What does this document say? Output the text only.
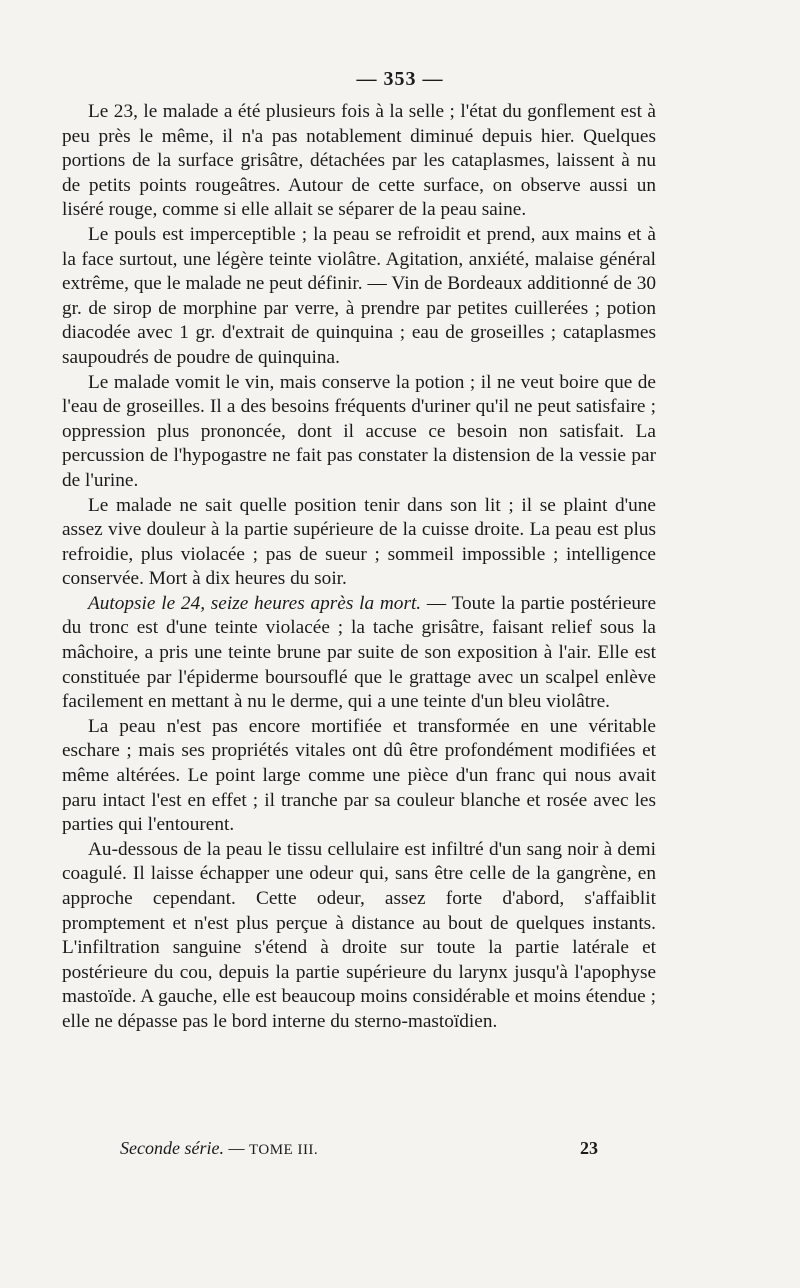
— 353 —

Le 23, le malade a été plusieurs fois à la selle ; l'état du gonflement est à peu près le même, il n'a pas notablement diminué depuis hier. Quelques portions de la surface grisâtre, détachées par les cataplasmes, laissent à nu de petits points rougeâtres. Autour de cette surface, on observe aussi un liséré rouge, comme si elle allait se séparer de la peau saine.

Le pouls est imperceptible ; la peau se refroidit et prend, aux mains et à la face surtout, une légère teinte violâtre. Agitation, anxiété, malaise général extrême, que le malade ne peut définir. — Vin de Bordeaux additionné de 30 gr. de sirop de morphine par verre, à prendre par petites cuillerées ; potion diacodée avec 1 gr. d'extrait de quinquina ; eau de groseilles ; cataplasmes saupoudrés de poudre de quinquina.

Le malade vomit le vin, mais conserve la potion ; il ne veut boire que de l'eau de groseilles. Il a des besoins fréquents d'uriner qu'il ne peut satisfaire ; oppression plus prononcée, dont il accuse ce besoin non satisfait. La percussion de l'hypogastre ne fait pas constater la distension de la vessie par de l'urine.

Le malade ne sait quelle position tenir dans son lit ; il se plaint d'une assez vive douleur à la partie supérieure de la cuisse droite. La peau est plus refroidie, plus violacée ; pas de sueur ; sommeil impossible ; intelligence conservée. Mort à dix heures du soir.

Autopsie le 24, seize heures après la mort. — Toute la partie postérieure du tronc est d'une teinte violacée ; la tache grisâtre, faisant relief sous la mâchoire, a pris une teinte brune par suite de son exposition à l'air. Elle est constituée par l'épiderme boursouflé que le grattage avec un scalpel enlève facilement en mettant à nu le derme, qui a une teinte d'un bleu violâtre.

La peau n'est pas encore mortifiée et transformée en une véritable eschare ; mais ses propriétés vitales ont dû être profondément modifiées et même altérées. Le point large comme une pièce d'un franc qui nous avait paru intact l'est en effet ; il tranche par sa couleur blanche et rosée avec les parties qui l'entourent.

Au-dessous de la peau le tissu cellulaire est infiltré d'un sang noir à demi coagulé. Il laisse échapper une odeur qui, sans être celle de la gangrène, en approche cependant. Cette odeur, assez forte d'abord, s'affaiblit promptement et n'est plus perçue à distance au bout de quelques instants. L'infiltration sanguine s'étend à droite sur toute la partie latérale et postérieure du cou, depuis la partie supérieure du larynx jusqu'à l'apophyse mastoïde. A gauche, elle est beaucoup moins considérable et moins étendue ; elle ne dépasse pas le bord interne du sterno-mastoïdien.

Seconde série. — TOME III.	23
